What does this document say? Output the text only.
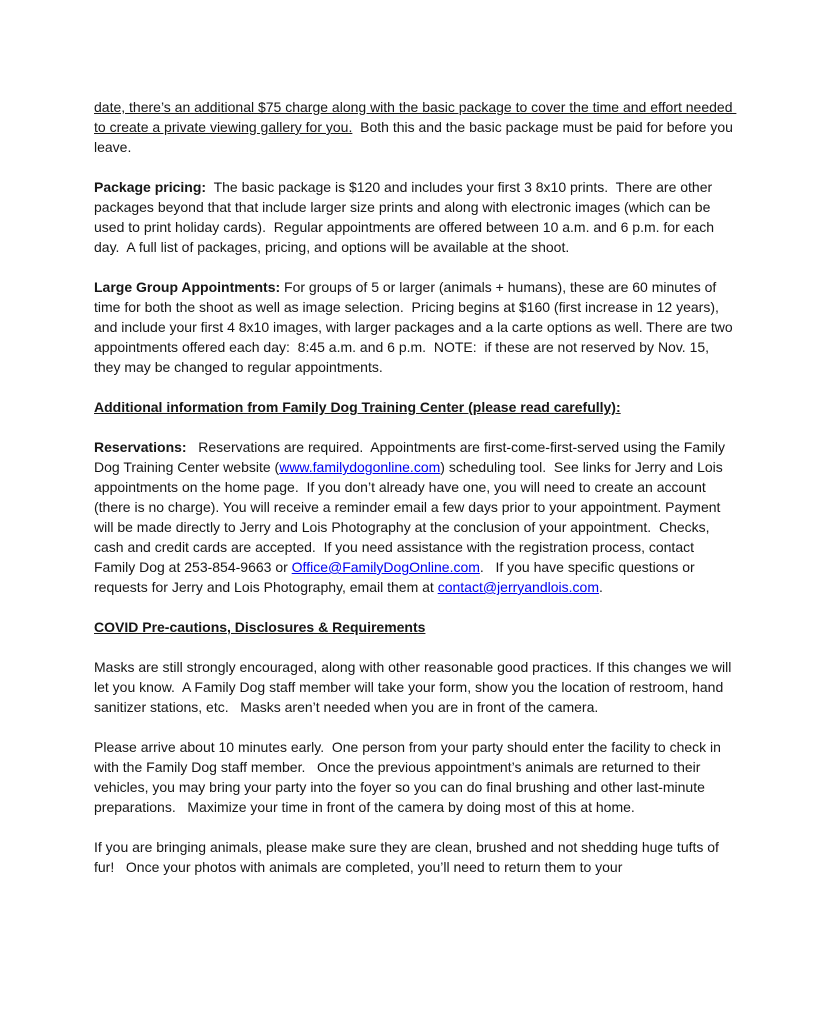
date, there’s an additional $75 charge along with the basic package to cover the time and effort needed to create a private viewing gallery for you.  Both this and the basic package must be paid for before you leave.

Package pricing:  The basic package is $120 and includes your first 3 8x10 prints.  There are other packages beyond that that include larger size prints and along with electronic images (which can be used to print holiday cards).  Regular appointments are offered between 10 a.m. and 6 p.m. for each day.  A full list of packages, pricing, and options will be available at the shoot.

Large Group Appointments: For groups of 5 or larger (animals + humans), these are 60 minutes of time for both the shoot as well as image selection.  Pricing begins at $160 (first increase in 12 years), and include your first 4 8x10 images, with larger packages and a la carte options as well. There are two appointments offered each day:  8:45 a.m. and 6 p.m.  NOTE:  if these are not reserved by Nov. 15, they may be changed to regular appointments.

Additional information from Family Dog Training Center (please read carefully):

Reservations:   Reservations are required.  Appointments are first-come-first-served using the Family Dog Training Center website (www.familydogonline.com) scheduling tool.  See links for Jerry and Lois appointments on the home page.  If you don’t already have one, you will need to create an account (there is no charge). You will receive a reminder email a few days prior to your appointment. Payment will be made directly to Jerry and Lois Photography at the conclusion of your appointment.  Checks, cash and credit cards are accepted.  If you need assistance with the registration process, contact Family Dog at 253-854-9663 or Office@FamilyDogOnline.com.   If you have specific questions or requests for Jerry and Lois Photography, email them at contact@jerryandlois.com.

COVID Pre-cautions, Disclosures & Requirements

Masks are still strongly encouraged, along with other reasonable good practices. If this changes we will let you know.  A Family Dog staff member will take your form, show you the location of restroom, hand sanitizer stations, etc.   Masks aren’t needed when you are in front of the camera.

Please arrive about 10 minutes early.  One person from your party should enter the facility to check in with the Family Dog staff member.   Once the previous appointment’s animals are returned to their vehicles, you may bring your party into the foyer so you can do final brushing and other last-minute preparations.   Maximize your time in front of the camera by doing most of this at home.

If you are bringing animals, please make sure they are clean, brushed and not shedding huge tufts of fur!   Once your photos with animals are completed, you’ll need to return them to your
